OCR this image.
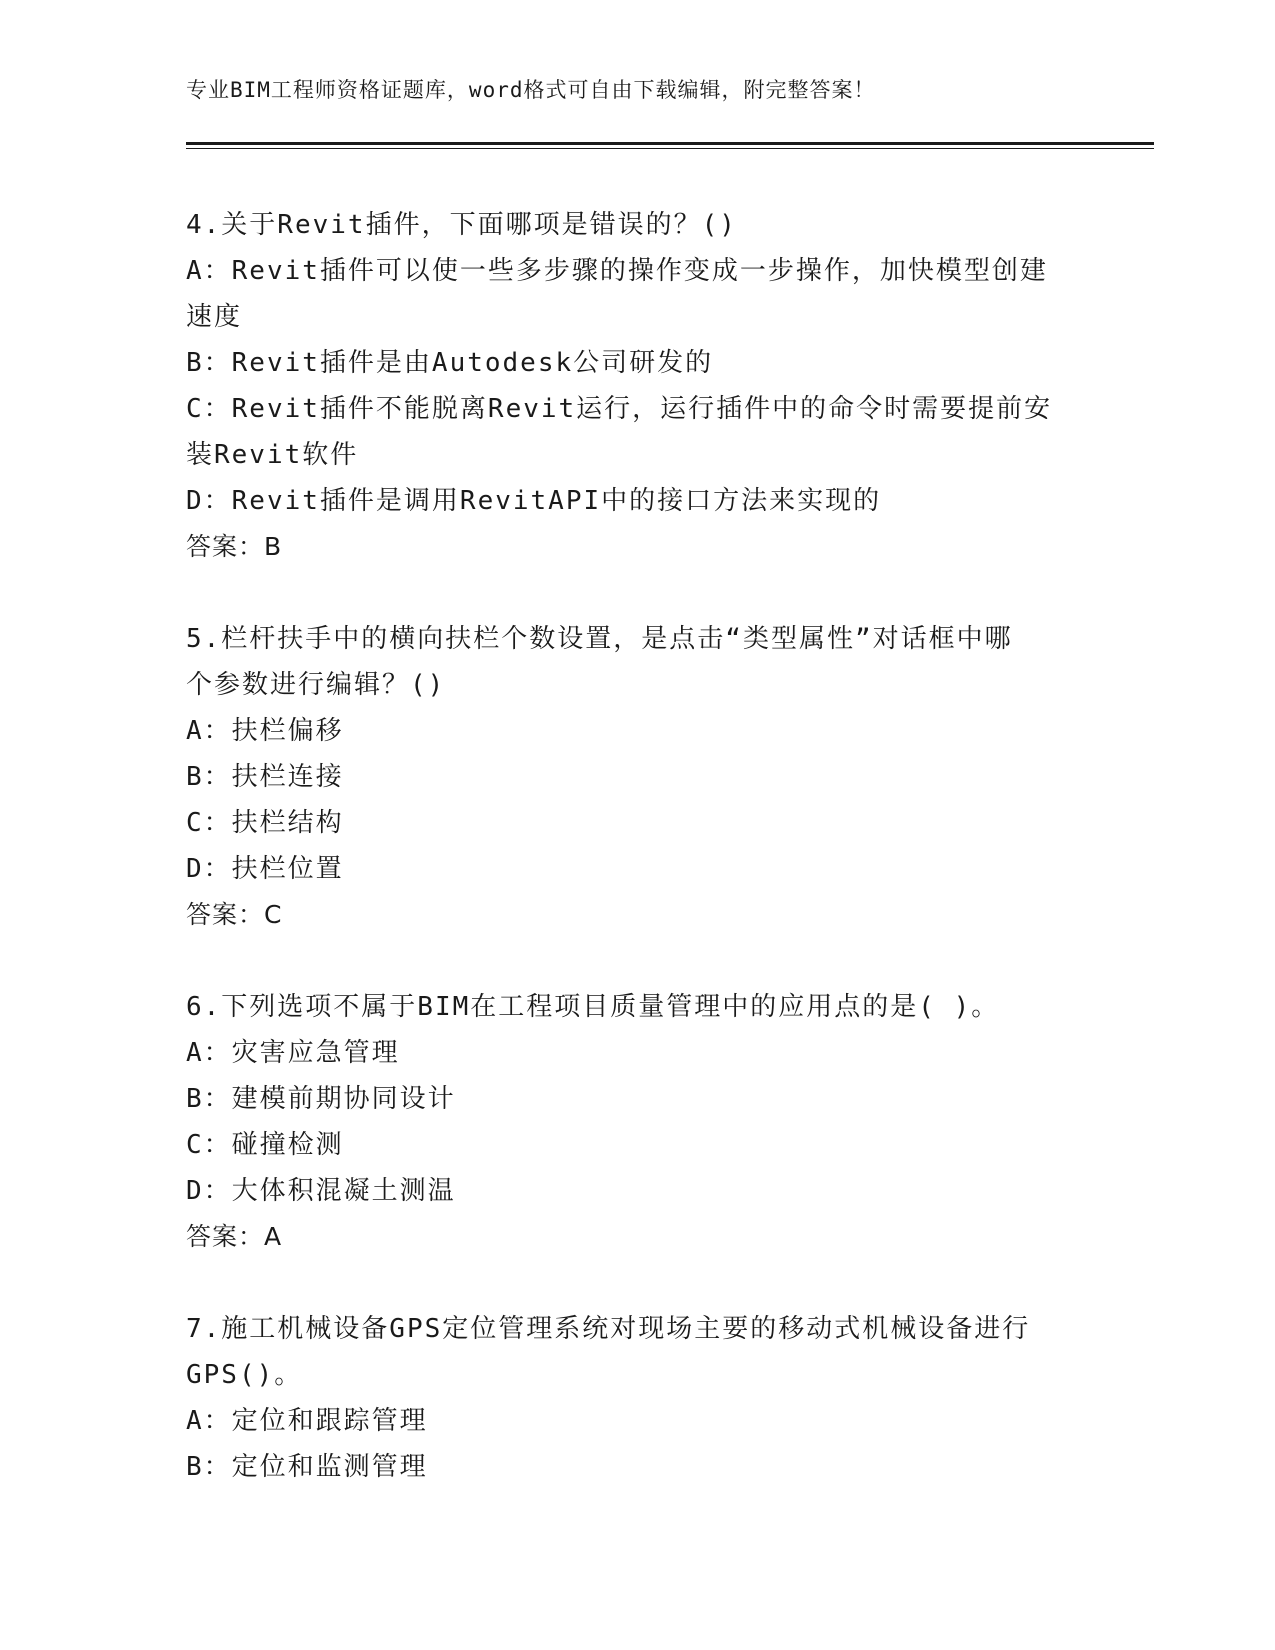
专业BIM工程师资格证题库，word格式可自由下载编辑，附完整答案！
4.关于Revit插件，下面哪项是错误的？()
A：Revit插件可以使一些多步骤的操作变成一步操作，加快模型创建
速度
B：Revit插件是由Autodesk公司研发的
C：Revit插件不能脱离Revit运行，运行插件中的命令时需要提前安
装Revit软件
D：Revit插件是调用RevitAPI中的接口方法来实现的
答案：B
5.栏杆扶手中的横向扶栏个数设置，是点击“类型属性”对话框中哪
个参数进行编辑？()
A：扶栏偏移
B：扶栏连接
C：扶栏结构
D：扶栏位置
答案：C
6.下列选项不属于BIM在工程项目质量管理中的应用点的是( )。
A：灾害应急管理
B：建模前期协同设计
C：碰撞检测
D：大体积混凝土测温
答案：A
7.施工机械设备GPS定位管理系统对现场主要的移动式机械设备进行
GPS()。
A：定位和跟踪管理
B：定位和监测管理
